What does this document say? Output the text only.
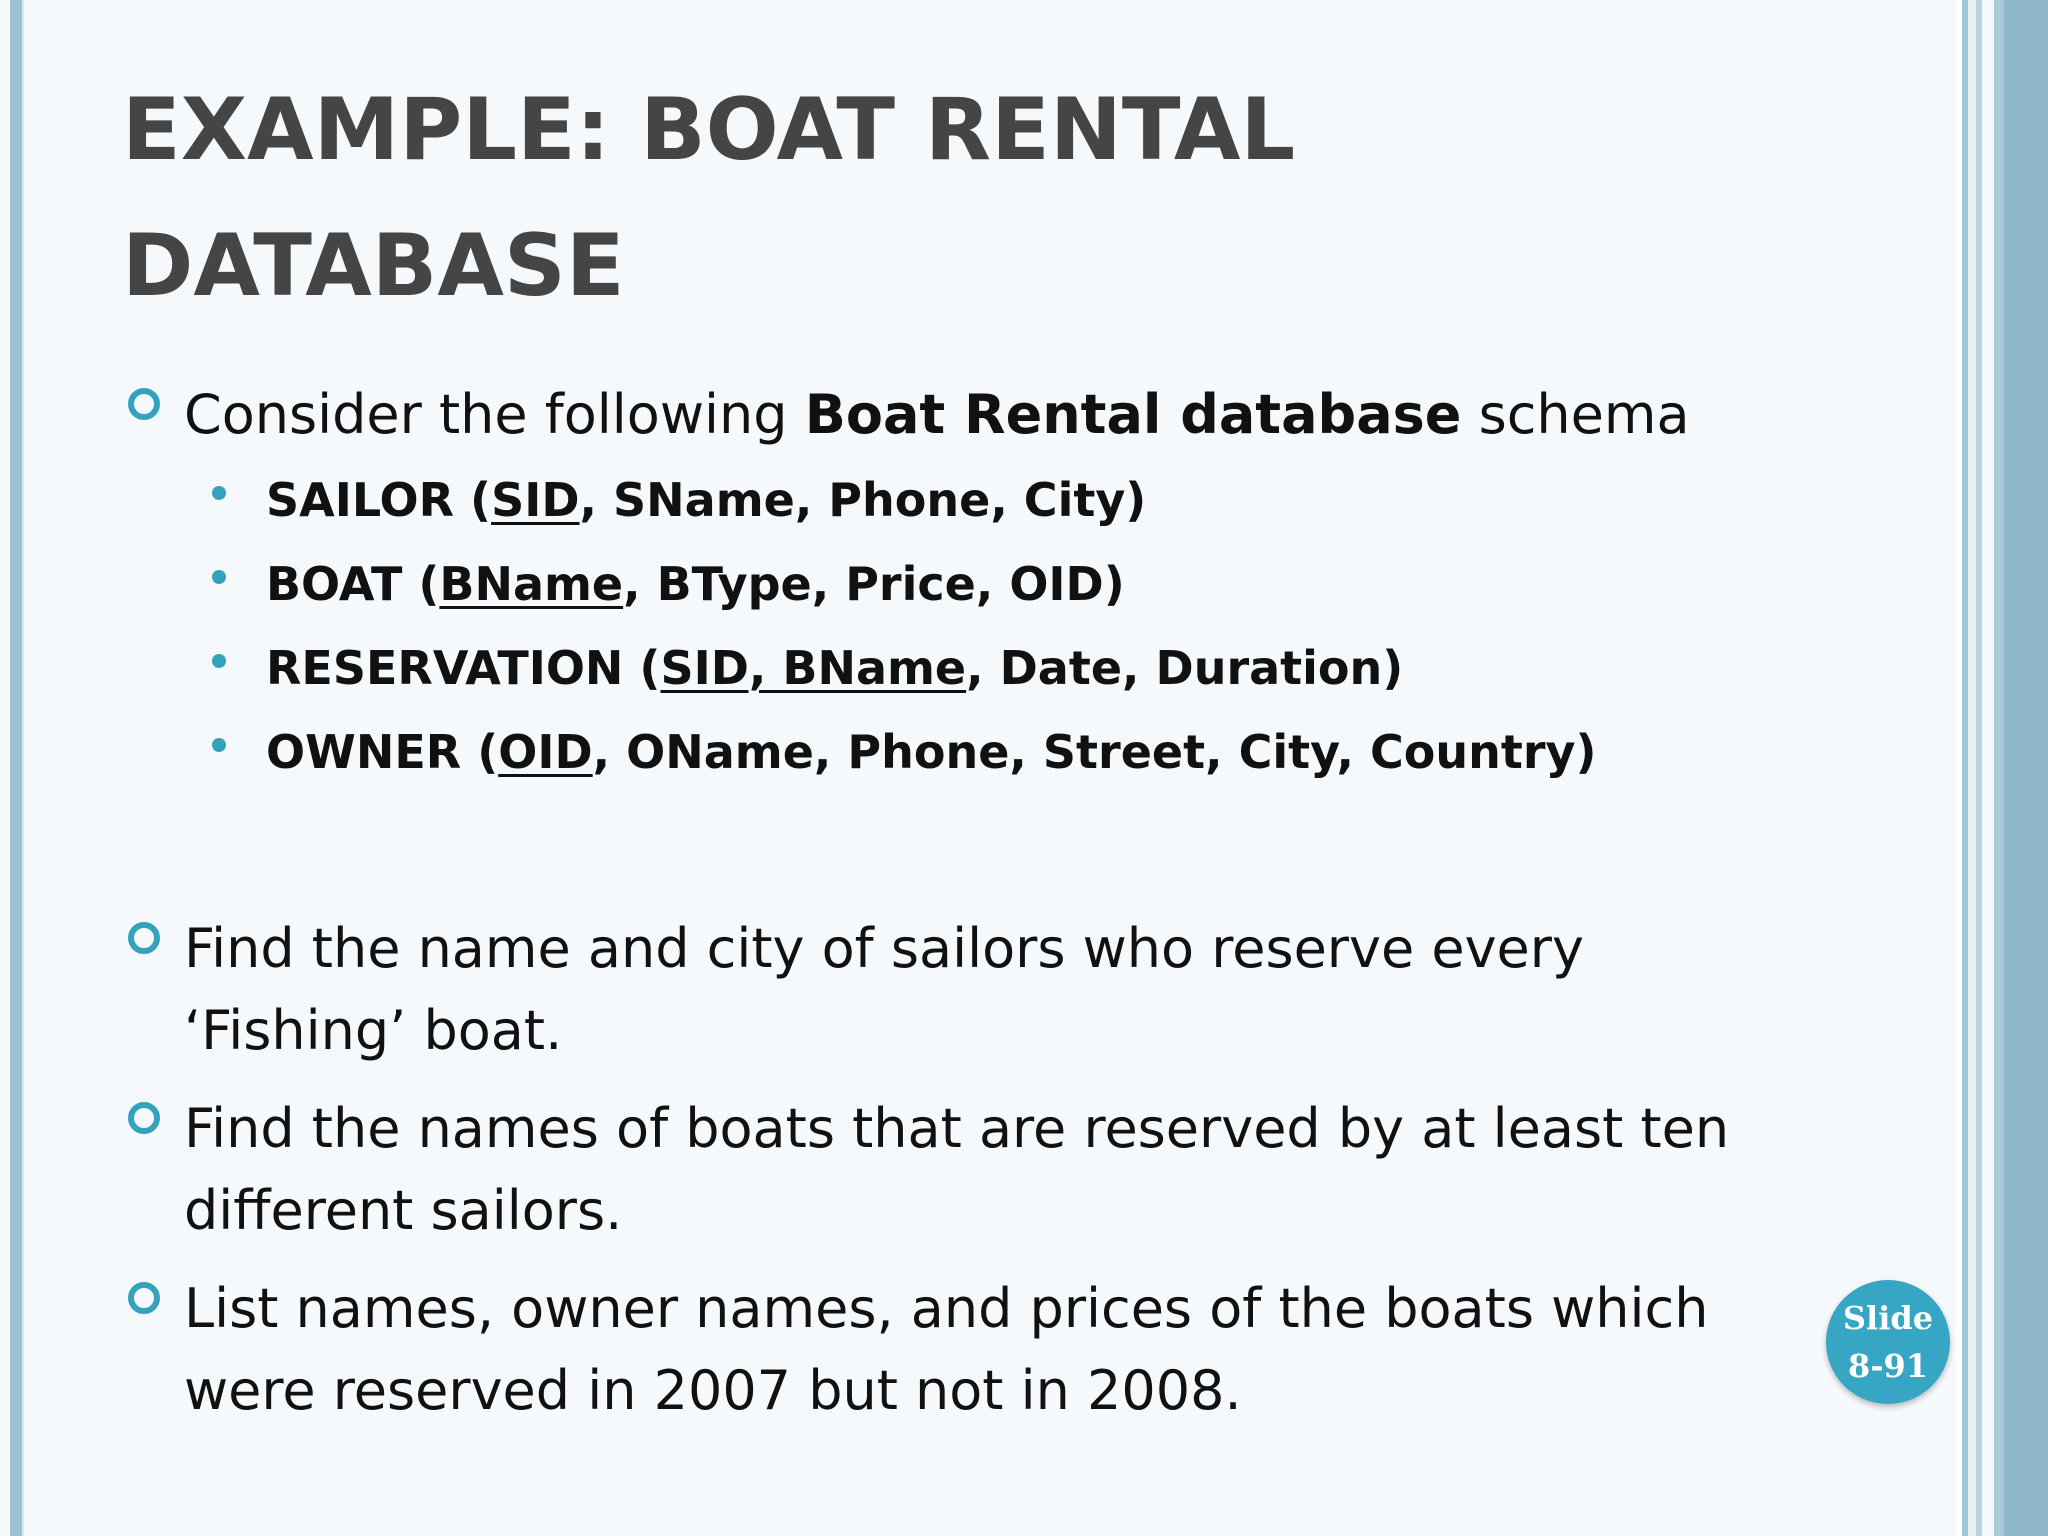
EXAMPLE: BOAT RENTAL
DATABASE
Consider the following Boat Rental database schema
SAILOR (SID, SName, Phone, City)
BOAT (BName, BType, Price, OID)
RESERVATION (SID, BName, Date, Duration)
OWNER (OID, OName, Phone, Street, City, Country)
Find the name and city of sailors who reserve every
‘Fishing’ boat.
Find the names of boats that are reserved by at least ten
different sailors.
List names, owner names, and prices of the boats which
were reserved in 2007 but not in 2008.
Slide
8-91
